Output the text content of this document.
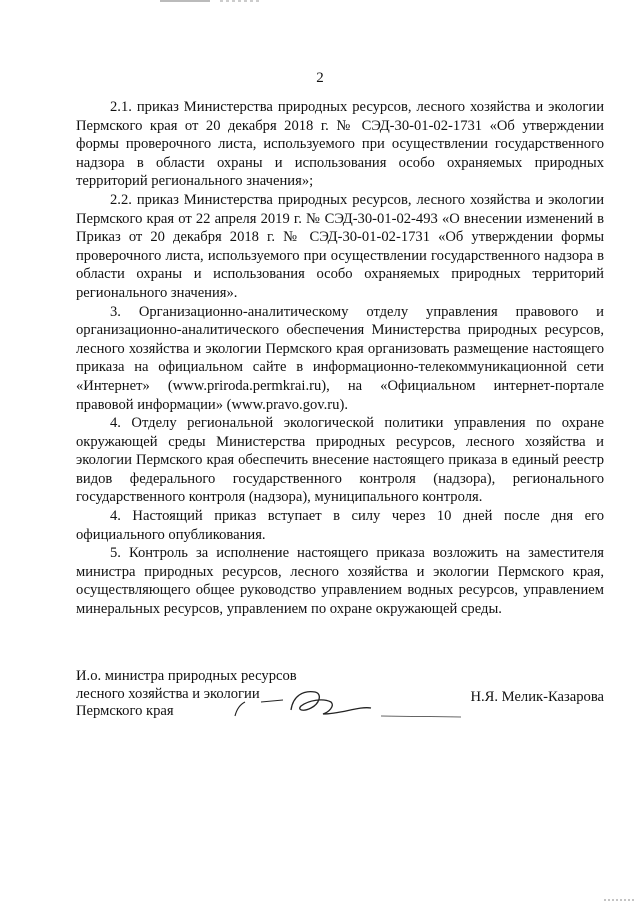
2

2.1. приказ Министерства природных ресурсов, лесного хозяйства и экологии Пермского края от 20 декабря 2018 г. № СЭД-30-01-02-1731 «Об утверждении формы проверочного листа, используемого при осуществлении государственного надзора в области охраны и использования особо охраняемых природных территорий регионального значения»;

2.2. приказ Министерства природных ресурсов, лесного хозяйства и экологии Пермского края от 22 апреля 2019 г. № СЭД-30-01-02-493 «О внесении изменений в Приказ от 20 декабря 2018 г. № СЭД-30-01-02-1731 «Об утверждении формы проверочного листа, используемого при осуществлении государственного надзора в области охраны и использования особо охраняемых природных территорий регионального значения».

3. Организационно-аналитическому отделу управления правового и организационно-аналитического обеспечения Министерства природных ресурсов, лесного хозяйства и экологии Пермского края организовать размещение настоящего приказа на официальном сайте в информационно-телекоммуникационной сети «Интернет» (www.priroda.permkrai.ru), на «Официальном интернет-портале правовой информации» (www.pravo.gov.ru).

4. Отделу региональной экологической политики управления по охране окружающей среды Министерства природных ресурсов, лесного хозяйства и экологии Пермского края обеспечить внесение настоящего приказа в единый реестр видов федерального государственного контроля (надзора), регионального государственного контроля (надзора), муниципального контроля.

4. Настоящий приказ вступает в силу через 10 дней после дня его официального опубликования.

5. Контроль за исполнение настоящего приказа возложить на заместителя министра природных ресурсов, лесного хозяйства и экологии Пермского края, осуществляющего общее руководство управлением водных ресурсов, управлением минеральных ресурсов, управлением по охране окружающей среды.

И.о. министра природных ресурсов
лесного хозяйства и экологии
Пермского края
Н.Я. Мелик-Казарова
